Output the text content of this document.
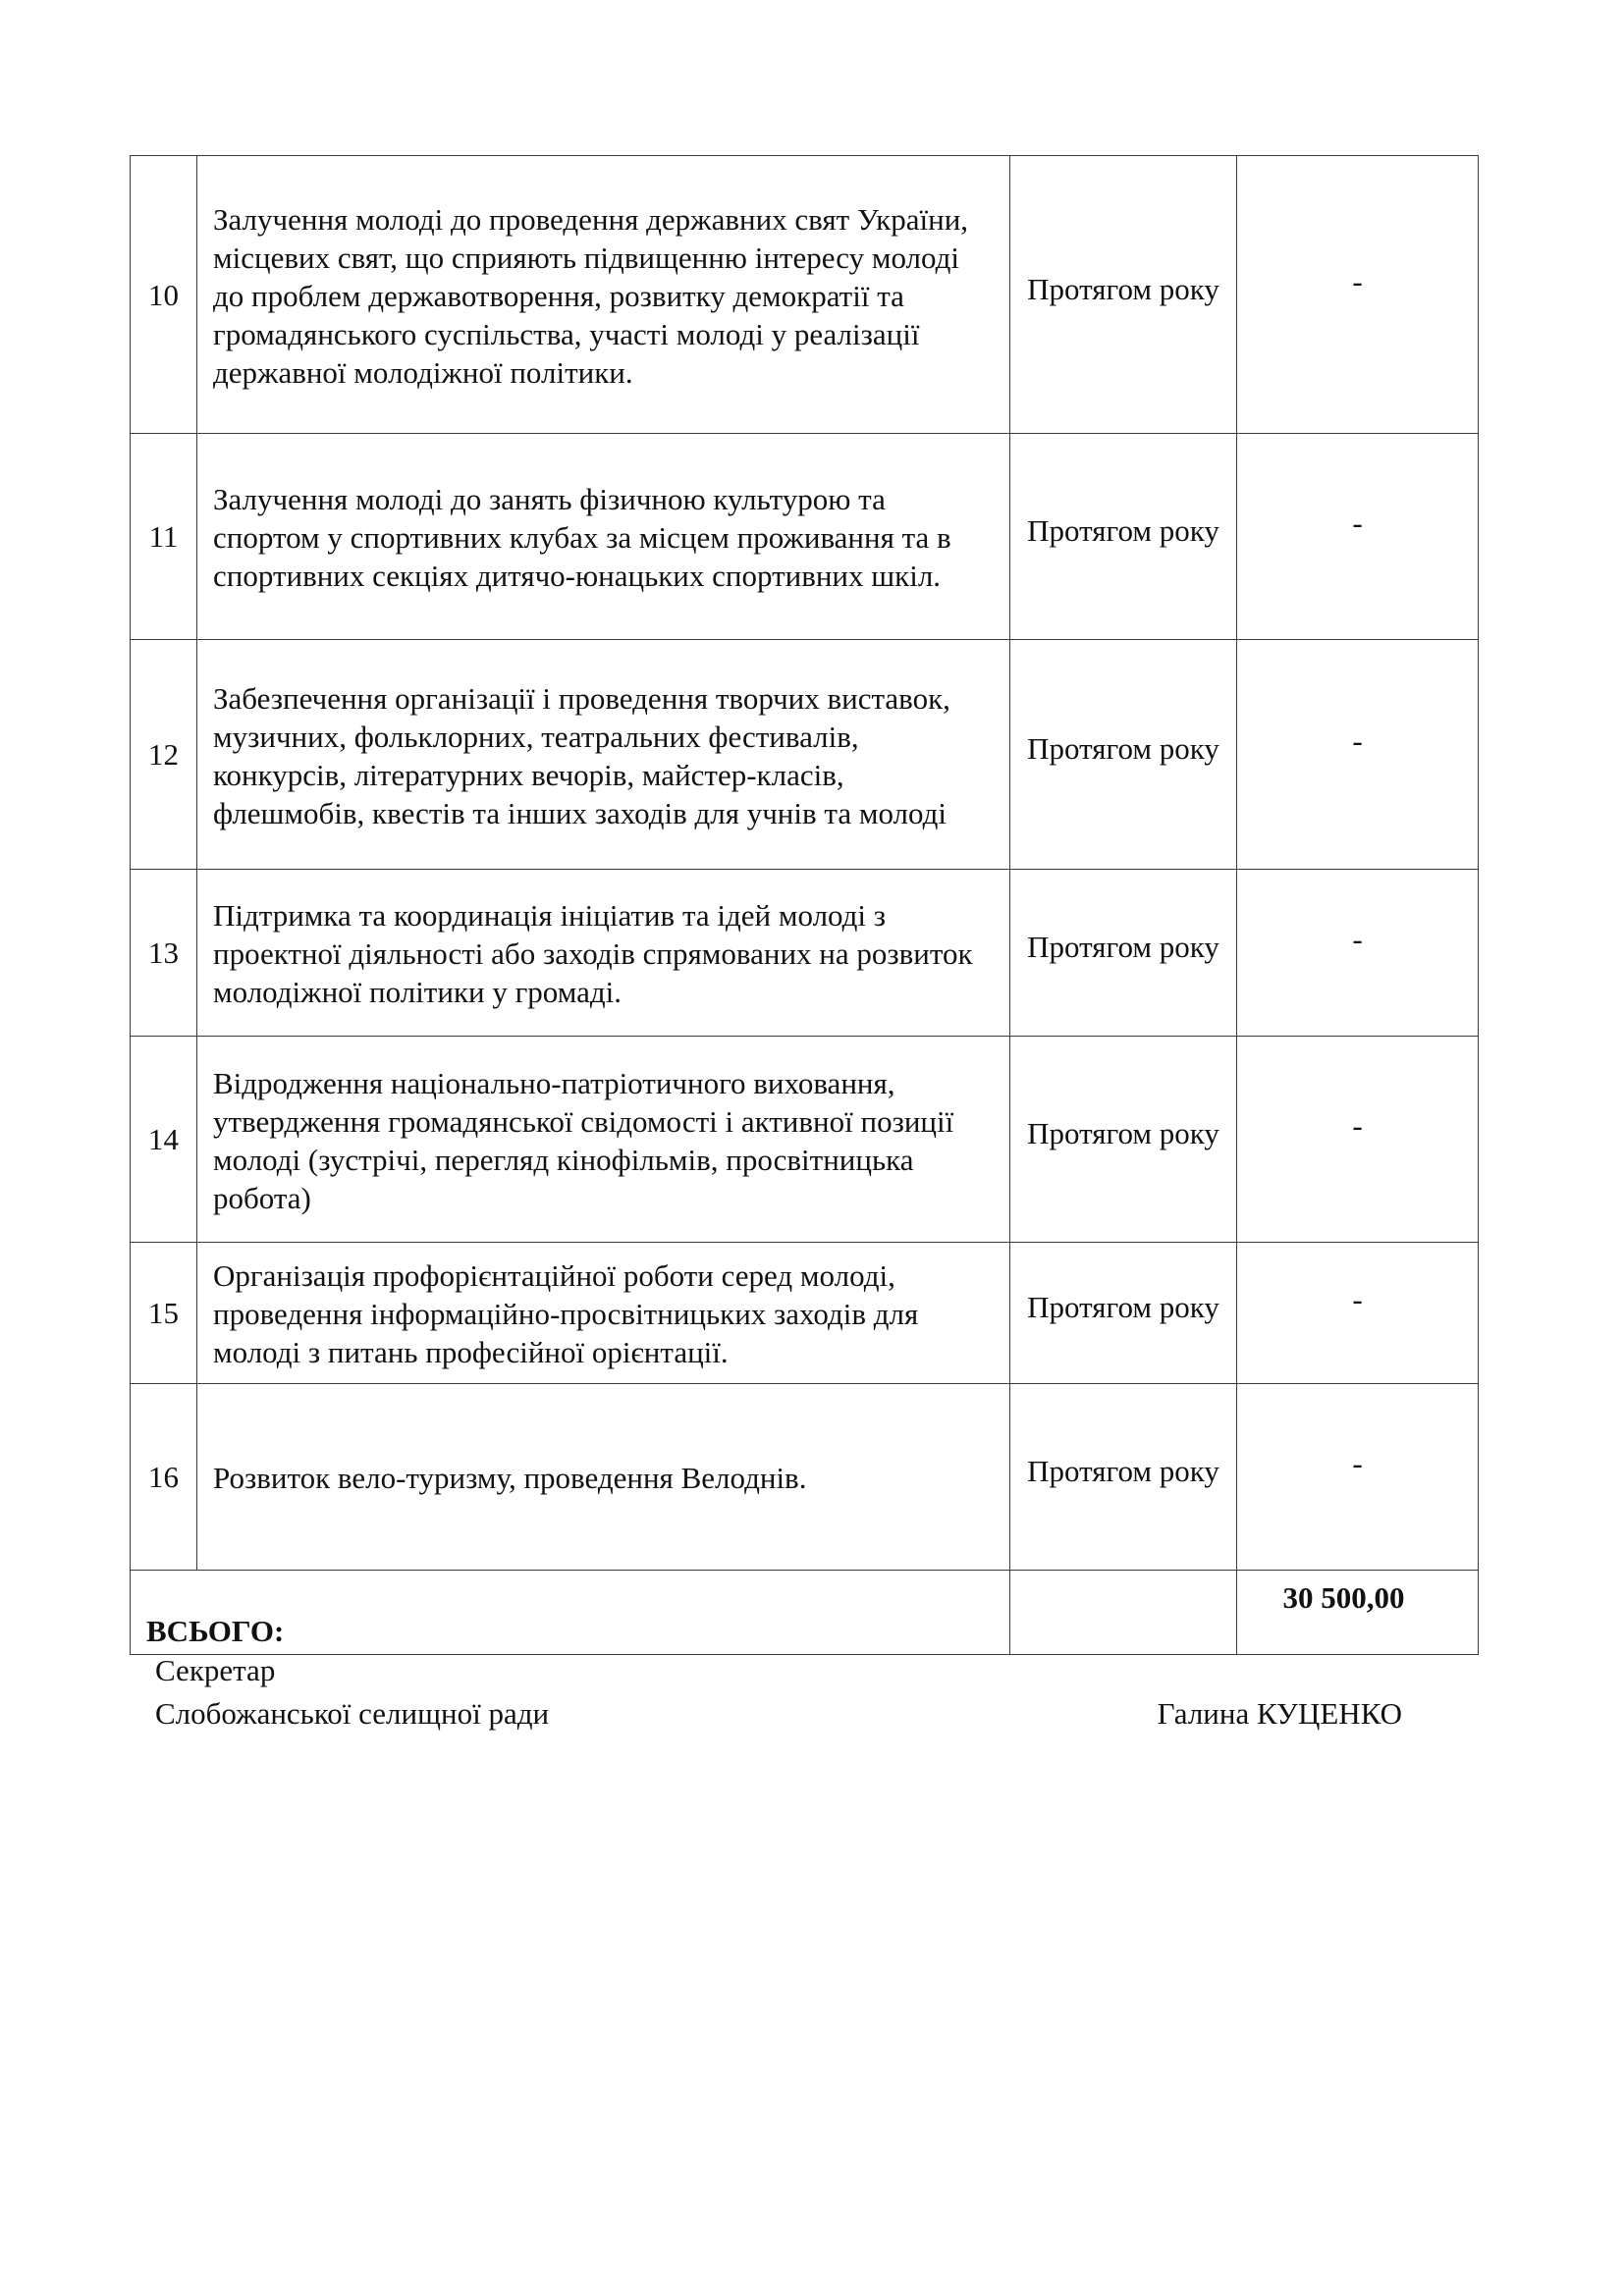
10	Залучення молоді до проведення державних свят України, місцевих свят, що сприяють підвищенню інтересу молоді до проблем державотворення, розвитку демократії та громадянського суспільства, участі молоді у реалізації державної молодіжної політики.	Протягом року	-

11	Залучення молоді до занять фізичною культурою та спортом у спортивних клубах за місцем проживання та в спортивних секціях дитячо-юнацьких спортивних шкіл.	Протягом року	-

12	Забезпечення організації і проведення творчих виставок, музичних, фольклорних, театральних фестивалів, конкурсів, літературних вечорів, майстер-класів, флешмобів, квестів та інших заходів для учнів та молоді	Протягом року	-

13	Підтримка та координація ініціатив та ідей молоді з проектної діяльності або заходів спрямованих на розвиток молодіжної політики у громаді.	Протягом року	-

14	Відродження національно-патріотичного виховання, утвердження громадянської свідомості і активної позиції молоді (зустрічі, перегляд кінофільмів, просвітницька робота)	Протягом року	-

15	Організація профорієнтаційної роботи серед молоді, проведення інформаційно-просвітницьких заходів для молоді з питань професійної орієнтації.	Протягом року	-

16	Розвиток вело-туризму, проведення Велоднів.	Протягом року	-

ВСЬОГО:			30 500,00
Секретар
Слобожанської селищної ради	Галина КУЦЕНКО
